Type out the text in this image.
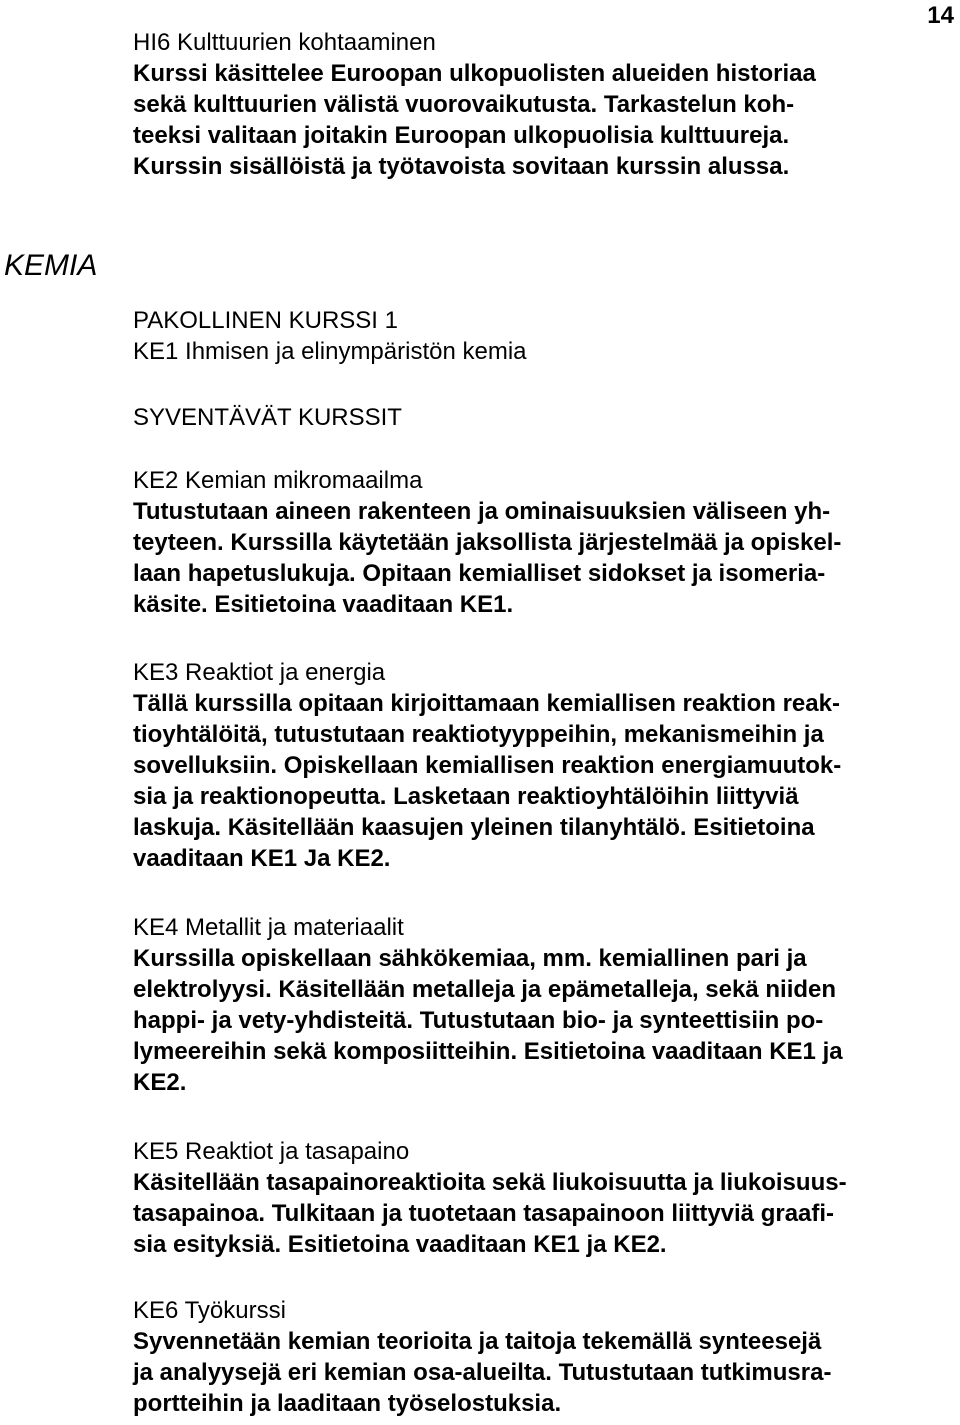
14
HI6 Kulttuurien kohtaaminen
Kurssi käsittelee Euroopan ulkopuolisten alueiden historiaa
sekä kulttuurien välistä vuorovaikutusta. Tarkastelun koh-
teeksi valitaan joitakin Euroopan ulkopuolisia kulttuureja.
Kurssin sisällöistä ja työtavoista sovitaan kurssin alussa.
KEMIA
PAKOLLINEN KURSSI 1
KE1 Ihmisen ja elinympäristön kemia
SYVENTÄVÄT KURSSIT
KE2 Kemian mikromaailma
Tutustutaan aineen rakenteen ja ominaisuuksien väliseen yh-
teyteen. Kurssilla käytetään jaksollista järjestelmää ja opiskel-
laan hapetuslukuja. Opitaan kemialliset sidokset ja isomeria-
käsite. Esitietoina vaaditaan KE1.
KE3 Reaktiot ja energia
Tällä kurssilla opitaan kirjoittamaan kemiallisen reaktion reak-
tioyhtälöitä, tutustutaan reaktiotyyppeihin, mekanismeihin ja
sovelluksiin. Opiskellaan kemiallisen reaktion energiamuutok-
sia ja reaktionopeutta. Lasketaan reaktioyhtälöihin liittyviä
laskuja. Käsitellään kaasujen yleinen tilanyhtälö. Esitietoina
vaaditaan KE1 Ja KE2.
KE4 Metallit ja materiaalit
Kurssilla opiskellaan sähkökemiaa, mm. kemiallinen pari ja
elektrolyysi. Käsitellään metalleja ja epämetalleja, sekä niiden
happi- ja vety-yhdisteitä. Tutustutaan bio- ja synteettisiin po-
lymeereihin sekä komposiitteihin. Esitietoina vaaditaan KE1 ja
KE2.
KE5 Reaktiot ja tasapaino
Käsitellään tasapainoreaktioita sekä liukoisuutta ja liukoisuus-
tasapainoa. Tulkitaan ja tuotetaan tasapainoon liittyviä graafi-
sia esityksiä. Esitietoina vaaditaan KE1 ja KE2.
KE6 Työkurssi
Syvennetään kemian teorioita ja taitoja tekemällä synteesejä
ja analyysejä eri kemian osa-alueilta. Tutustutaan tutkimusra-
portteihin ja laaditaan työselostuksia.
